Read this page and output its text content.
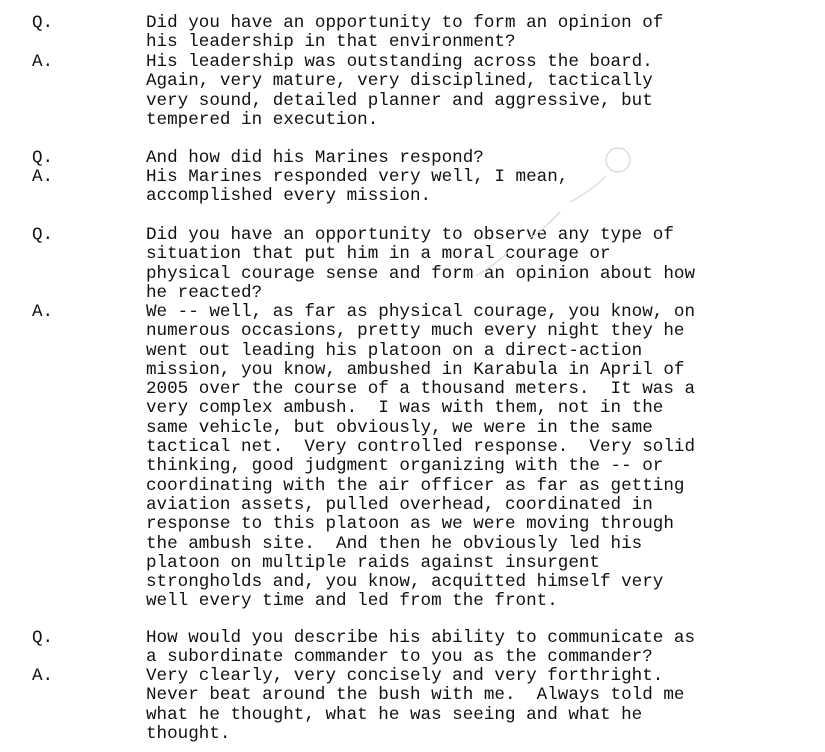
Q.	Did you have an opportunity to form an opinion of
his leadership in that environment?
A.	His leadership was outstanding across the board.
Again, very mature, very disciplined, tactically
very sound, detailed planner and aggressive, but
tempered in execution.
Q.	And how did his Marines respond?
A.	His Marines responded very well, I mean,
accomplished every mission.
Q.	Did you have an opportunity to observe any type of
situation that put him in a moral courage or
physical courage sense and form an opinion about how
he reacted?
A.	We -- well, as far as physical courage, you know, on
numerous occasions, pretty much every night they he
went out leading his platoon on a direct-action
mission, you know, ambushed in Karabula in April of
2005 over the course of a thousand meters.  It was a
very complex ambush.  I was with them, not in the
same vehicle, but obviously, we were in the same
tactical net.  Very controlled response.  Very solid
thinking, good judgment organizing with the -- or
coordinating with the air officer as far as getting
aviation assets, pulled overhead, coordinated in
response to this platoon as we were moving through
the ambush site.  And then he obviously led his
platoon on multiple raids against insurgent
strongholds and, you know, acquitted himself very
well every time and led from the front.
Q.	How would you describe his ability to communicate as
a subordinate commander to you as the commander?
A.	Very clearly, very concisely and very forthright.
Never beat around the bush with me.  Always told me
what he thought, what he was seeing and what he
thought.
